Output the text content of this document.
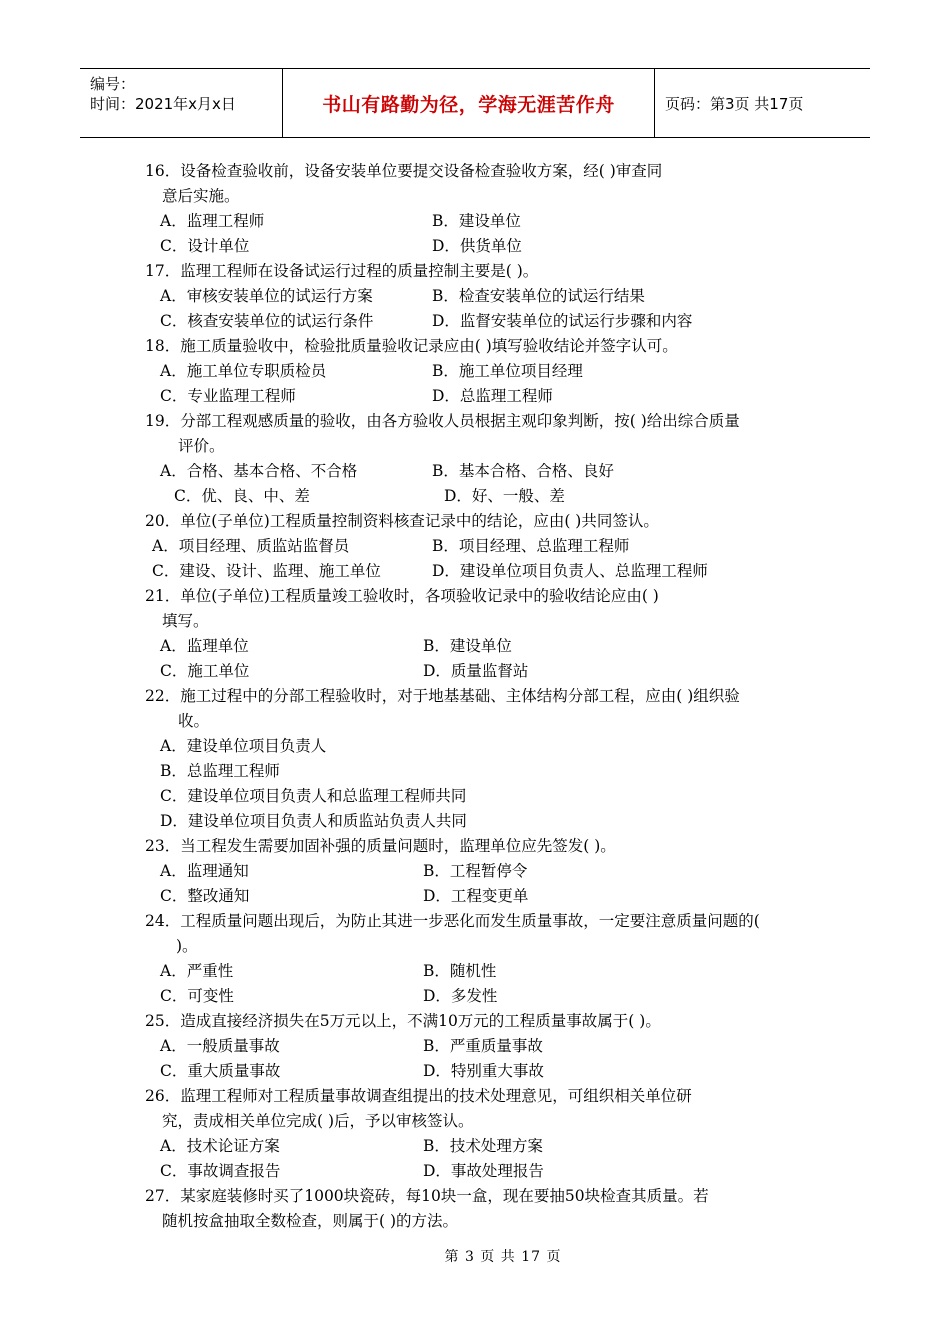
编号：
时间：2021年x月x日	书山有路勤为径，学海无涯苦作舟	页码：第3页 共17页
16．设备检查验收前，设备安装单位要提交设备检查验收方案，经( )审查同
意后实施。
A．监理工程师	B．建设单位
C．设计单位	D．供货单位
17．监理工程师在设备试运行过程的质量控制主要是( )。
A．审核安装单位的试运行方案	B．检查安装单位的试运行结果
C．核查安装单位的试运行条件	D．监督安装单位的试运行步骤和内容
18．施工质量验收中，检验批质量验收记录应由( )填写验收结论并签字认可。
A．施工单位专职质检员	B．施工单位项目经理
C．专业监理工程师	D．总监理工程师
19．分部工程观感质量的验收，由各方验收人员根据主观印象判断，按( )给出综合质量
评价。
A．合格、基本合格、不合格	B．基本合格、合格、良好
C．优、良、中、差	D．好、一般、差
20．单位(子单位)工程质量控制资料核查记录中的结论，应由( )共同签认。
A．项目经理、质监站监督员	B．项目经理、总监理工程师
C．建设、设计、监理、施工单位	D．建设单位项目负责人、总监理工程师
21．单位(子单位)工程质量竣工验收时，各项验收记录中的验收结论应由( )
填写。
A．监理单位	B．建设单位
C．施工单位	D．质量监督站
22．施工过程中的分部工程验收时，对于地基基础、主体结构分部工程，应由( )组织验
收。
A．建设单位项目负责人
B．总监理工程师
C．建设单位项目负责人和总监理工程师共同
D．建设单位项目负责人和质监站负责人共同
23．当工程发生需要加固补强的质量问题时，监理单位应先签发( )。
A．监理通知	B．工程暂停令
C．整改通知	D．工程变更单
24．工程质量问题出现后，为防止其进一步恶化而发生质量事故，一定要注意质量问题的(
)。
A．严重性	B．随机性
C．可变性	D．多发性
25．造成直接经济损失在5万元以上，不满10万元的工程质量事故属于( )。
A．一般质量事故	B．严重质量事故
C．重大质量事故	D．特别重大事故
26．监理工程师对工程质量事故调查组提出的技术处理意见，可组织相关单位研
究，责成相关单位完成( )后，予以审核签认。
A．技术论证方案	B．技术处理方案
C．事故调查报告	D．事故处理报告
27．某家庭装修时买了1000块瓷砖，每10块一盒，现在要抽50块检查其质量。若
随机按盒抽取全数检查，则属于( )的方法。
第 3 页 共 17 页
